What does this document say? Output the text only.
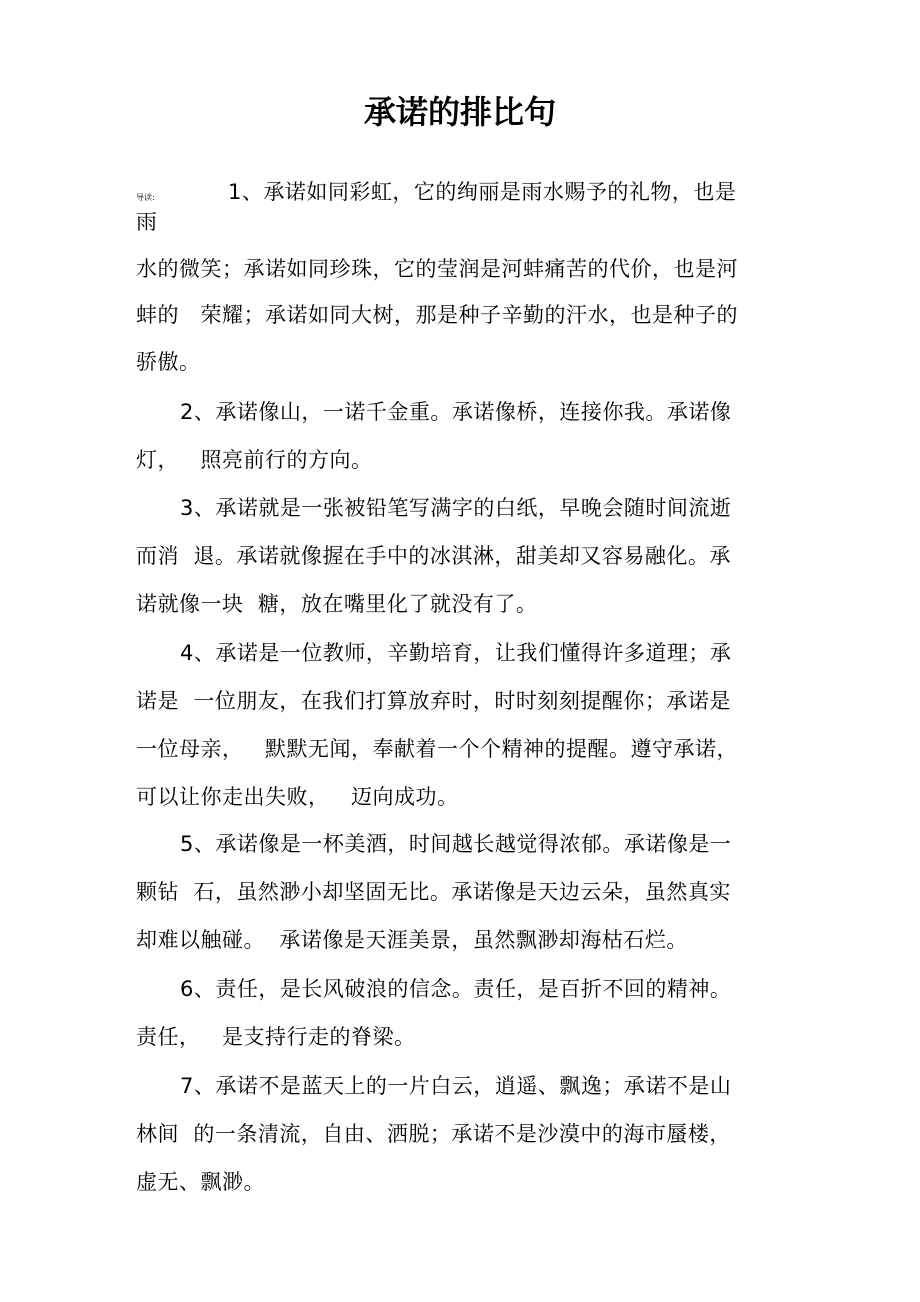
承诺的排比句
导读:	1、承诺如同彩虹，它的绚丽是雨水赐予的礼物，也是
雨
水的微笑；承诺如同珍珠，它的莹润是河蚌痛苦的代价，也是河
蚌的   荣耀；承诺如同大树，那是种子辛勤的汗水，也是种子的
骄傲。
2、承诺像山，一诺千金重。承诺像桥，连接你我。承诺像
灯，   照亮前行的方向。
3、承诺就是一张被铅笔写满字的白纸，早晚会随时间流逝
而消  退。承诺就像握在手中的冰淇淋，甜美却又容易融化。承
诺就像一块  糖，放在嘴里化了就没有了。
4、承诺是一位教师，辛勤培育，让我们懂得许多道理；承
诺是  一位朋友，在我们打算放弃时，时时刻刻提醒你；承诺是
一位母亲，   默默无闻，奉献着一个个精神的提醒。遵守承诺，
可以让你走出失败，   迈向成功。
5、承诺像是一杯美酒，时间越长越觉得浓郁。承诺像是一
颗钻  石，虽然渺小却坚固无比。承诺像是天边云朵，虽然真实
却难以触碰。  承诺像是天涯美景，虽然飘渺却海枯石烂。
6、责任，是长风破浪的信念。责任，是百折不回的精神。
责任，   是支持行走的脊梁。
7、承诺不是蓝天上的一片白云，逍遥、飘逸；承诺不是山
林间  的一条清流，自由、洒脱；承诺不是沙漠中的海市蜃楼，
虚无、飘渺。
